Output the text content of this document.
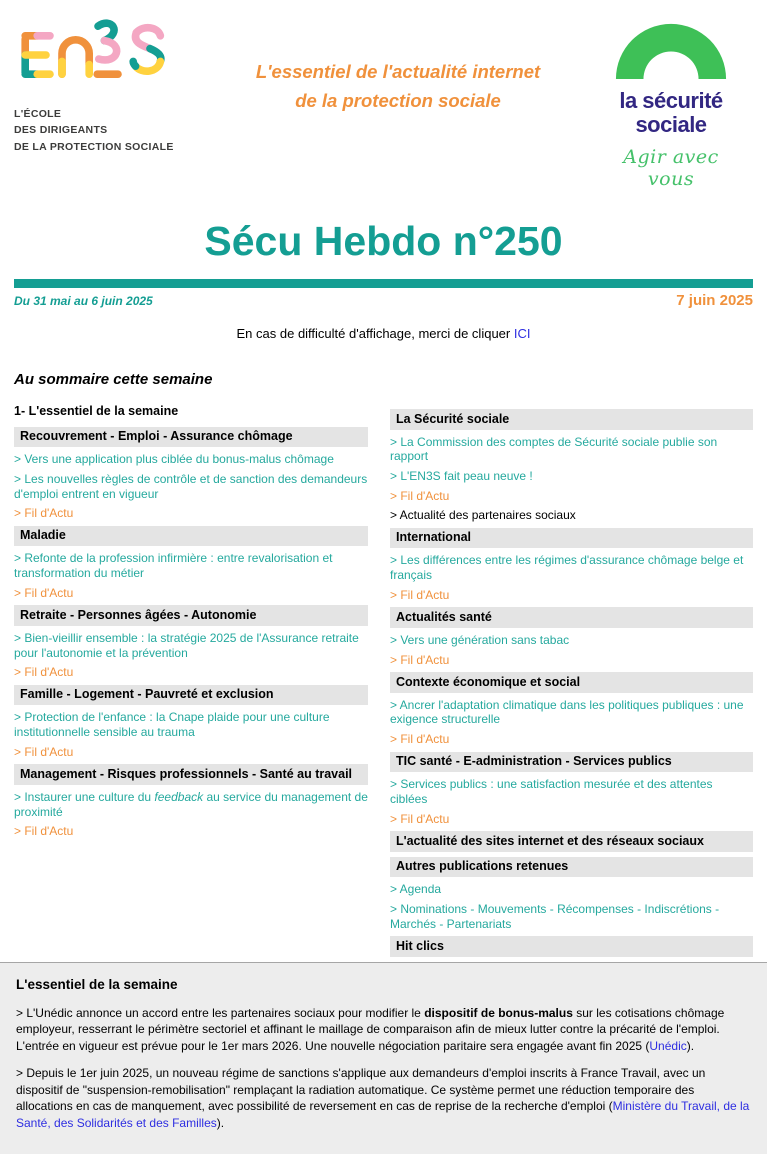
L'ÉCOLE
DES DIRIGEANTS
DE LA PROTECTION SOCIALE
L'essentiel de l'actualité internet
de la protection sociale	la sécurité
sociale
Agir avec vous
Sécu Hebdo n°250
Du 31 mai au 6 juin 2025	7 juin 2025
En cas de difficulté d'affichage, merci de cliquer ICI
Au sommaire cette semaine
1- L'essentiel de la semaine
Recouvrement - Emploi - Assurance chômage
> Vers une application plus ciblée du bonus-malus chômage
> Les nouvelles règles de contrôle et de sanction des demandeurs d'emploi entrent en vigueur
> Fil d'Actu
Maladie
> Refonte de la profession infirmière : entre revalorisation et transformation du métier
> Fil d'Actu
Retraite - Personnes âgées - Autonomie
> Bien-vieillir ensemble : la stratégie 2025 de l'Assurance retraite pour l'autonomie et la prévention
> Fil d'Actu
Famille - Logement - Pauvreté et exclusion
> Protection de l'enfance : la Cnape plaide pour une culture institutionnelle sensible au trauma
> Fil d'Actu
Management - Risques professionnels - Santé au travail
> Instaurer une culture du feedback au service du management de proximité
> Fil d'Actu
La Sécurité sociale
> La Commission des comptes de Sécurité sociale publie son rapport
> L'EN3S fait peau neuve !
> Fil d'Actu
> Actualité des partenaires sociaux
International
> Les différences entre les régimes d'assurance chômage belge et français
> Fil d'Actu
Actualités santé
> Vers une génération sans tabac
> Fil d'Actu
Contexte économique et social
> Ancrer l'adaptation climatique dans les politiques publiques : une exigence structurelle
> Fil d'Actu
TIC santé - E-administration - Services publics
> Services publics : une satisfaction mesurée et des attentes ciblées
> Fil d'Actu
L'actualité des sites internet et des réseaux sociaux
Autres publications retenues
> Agenda
> Nominations - Mouvements - Récompenses - Indiscrétions - Marchés - Partenariats
Hit clics
L'essentiel de la semaine

> L'Unédic annonce un accord entre les partenaires sociaux pour modifier le dispositif de bonus-malus sur les cotisations chômage employeur, resserrant le périmètre sectoriel et affinant le maillage de comparaison afin de mieux lutter contre la précarité de l'emploi. L'entrée en vigueur est prévue pour le 1er mars 2026. Une nouvelle négociation paritaire sera engagée avant fin 2025 (Unédic).

> Depuis le 1er juin 2025, un nouveau régime de sanctions s'applique aux demandeurs d'emploi inscrits à France Travail, avec un dispositif de "suspension-remobilisation" remplaçant la radiation automatique. Ce système permet une réduction temporaire des allocations en cas de manquement, avec possibilité de reversement en cas de reprise de la recherche d'emploi (Ministère du Travail, de la Santé, des Solidarités et des Familles).
